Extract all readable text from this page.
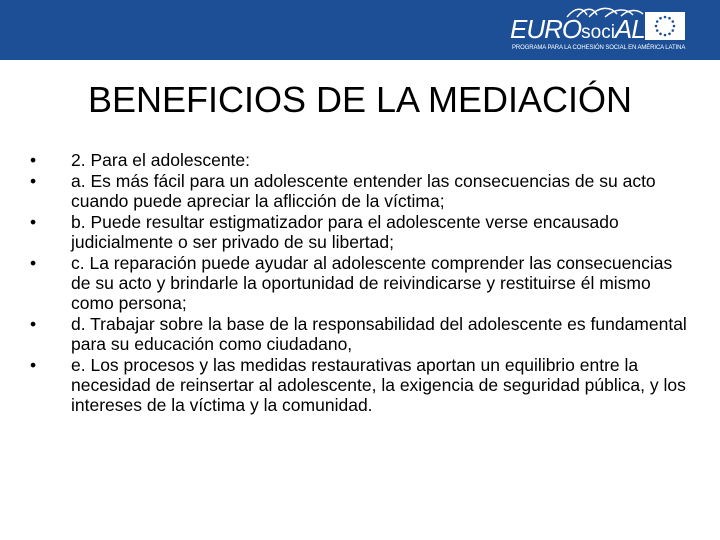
EUROsociAL
PROGRAMA PARA LA COHESIÓN SOCIAL EN AMÉRICA LATINA
BENEFICIOS DE LA MEDIACIÓN
• 2. Para el adolescente:
• a. Es más fácil para un adolescente entender las consecuencias de su acto cuando puede apreciar la aflicción de la víctima;
• b. Puede resultar estigmatizador para el adolescente verse encausado judicialmente o ser privado de su libertad;
• c. La reparación puede ayudar al adolescente comprender las consecuencias de su acto y brindarle la oportunidad de reivindicarse y restituirse él mismo como persona;
• d. Trabajar sobre la base de la responsabilidad del adolescente es fundamental para su educación como ciudadano,
• e. Los procesos y las medidas restaurativas aportan un equilibrio entre la necesidad de reinsertar al adolescente, la exigencia de seguridad pública, y los intereses de la víctima y la comunidad.
